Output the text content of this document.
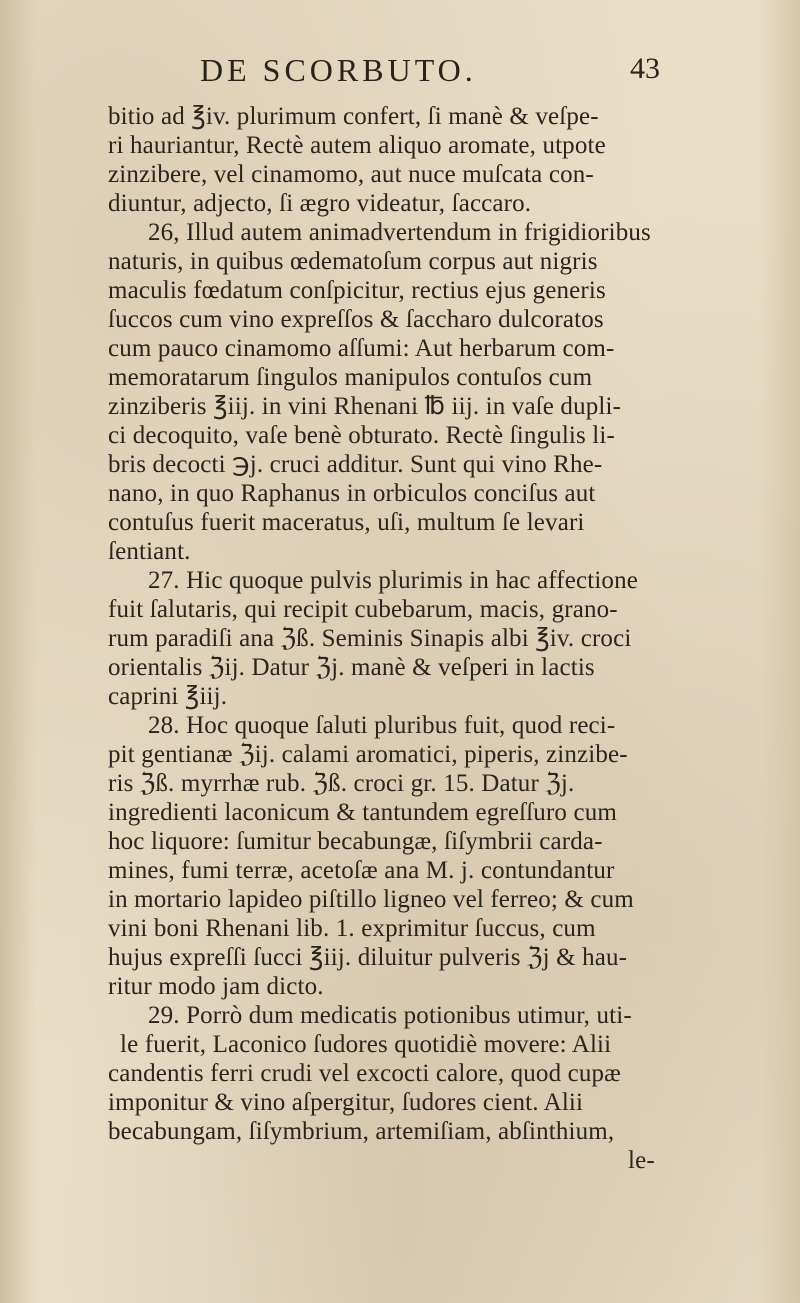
DE SCORBUTO.	43
bitio ad ℥iv. plurimum confert, ſi manè & veſpe-
ri hauriantur, Rectè autem aliquo aromate, utpote
zinzibere, vel cinamomo, aut nuce muſcata con-
diuntur, adjecto, ſi ægro videatur, ſaccaro.
26, Illud autem animadvertendum in frigidioribus
naturis, in quibus œdematoſum corpus aut nigris
maculis fœdatum conſpicitur, rectius ejus generis
ſuccos cum vino expreſſos & ſaccharo dulcoratos
cum pauco cinamomo aſſumi: Aut herbarum com-
memoratarum ſingulos manipulos contuſos cum
zinziberis ℥iij. in vini Rhenani ℔ iij. in vaſe dupli-
ci decoquito, vaſe benè obturato. Rectè ſingulis li-
bris decocti ℈j. cruci additur. Sunt qui vino Rhe-
nano, in quo Raphanus in orbiculos conciſus aut
contuſus fuerit maceratus, uſi, multum ſe levari
ſentiant.
27. Hic quoque pulvis plurimis in hac affectione
fuit ſalutaris, qui recipit cubebarum, macis, grano-
rum paradiſi ana ℨß. Seminis Sinapis albi ℥iv. croci
orientalis ℨij. Datur ℨj. manè & veſperi in lactis
caprini ℥iij.
28. Hoc quoque ſaluti pluribus fuit, quod reci-
pit gentianæ ℨij. calami aromatici, piperis, zinzibe-
ris ℨß. myrrhæ rub. ℨß. croci gr. 15. Datur ℨj.
ingredienti laconicum & tantundem egreſſuro cum
hoc liquore: ſumitur becabungæ, ſiſymbrii carda-
mines, fumi terræ, acetoſæ ana M. j. contundantur
in mortario lapideo piſtillo ligneo vel ferreo; & cum
vini boni Rhenani lib. 1. exprimitur ſuccus, cum
hujus expreſſi ſucci ℥iij. diluitur pulveris ℨj & hau-
ritur modo jam dicto.
29. Porrò dum medicatis potionibus utimur, uti-
le fuerit, Laconico ſudores quotidiè movere: Alii
candentis ferri crudi vel excocti calore, quod cupæ
imponitur & vino aſpergitur, ſudores cient. Alii
becabungam, ſiſymbrium, artemiſiam, abſinthium,
le-
